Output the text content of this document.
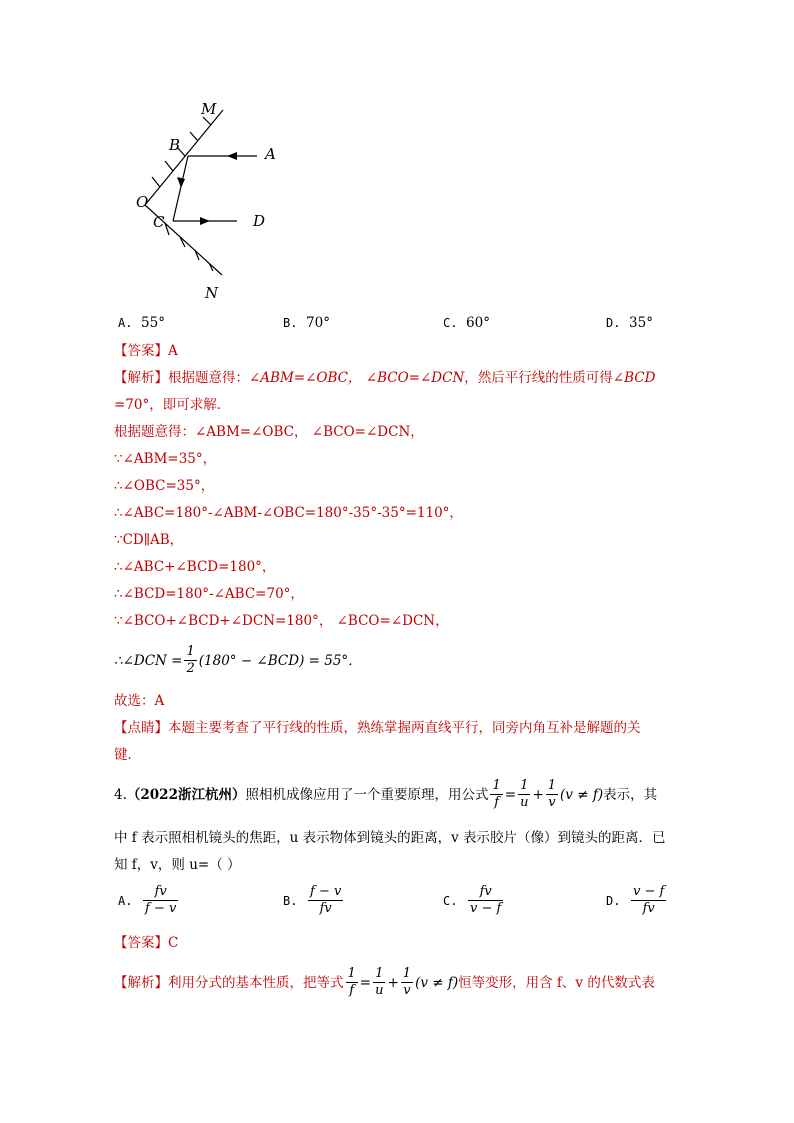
M
B	A
O
C	D
N
A. 55°	B. 70°	C. 60°	D. 35°
【答案】A
【解析】根据题意得：∠ABM=∠OBC， ∠BCO=∠DCN，然后平行线的性质可得∠BCD
=70°，即可求解．
根据题意得：∠ABM=∠OBC， ∠BCO=∠DCN，
∵∠ABM=35°，
∴∠OBC=35°，
∴∠ABC=180°-∠ABM-∠OBC=180°-35°-35°=110°，
∵CD∥AB，
∴∠ABC+∠BCD=180°，
∴∠BCD=180°-∠ABC=70°，
∵∠BCO+∠BCD+∠DCN=180°， ∠BCO=∠DCN，
∴∠DCN = $\frac{1}{2} (180^\circ$ − ∠BCD) = 55°．
故选：A
【点睛】本题主要考查了平行线的性质，熟练掌握两直线平行，同旁内角互补是解题的关
键．
4. （2022浙江杭州） 照相机成像应用了一个重要原理，用公式 $\frac{1}{f} = \frac{1}{u} + \frac{1}{v} (v \ne f)$ 表示，其
中 f 表示照相机镜头的焦距，u 表示物体到镜头的距离，v 表示胶片（像）到镜头的距离．已
知 f，v，则 u=（ ）
A.
$\frac{fv}{f - v}$	B.
$\frac{f - v}{fv}$	C.
$\frac{fv}{v - f}$	D.
$\frac{v - f}{fv}$
【答案】C
【解析】 利用分式的基本性质，把等式 $\frac{1}{f} = \frac{1}{u} + \frac{1}{v} (v \ne f)$ 恒等变形，用含 f、v 的代数式表
